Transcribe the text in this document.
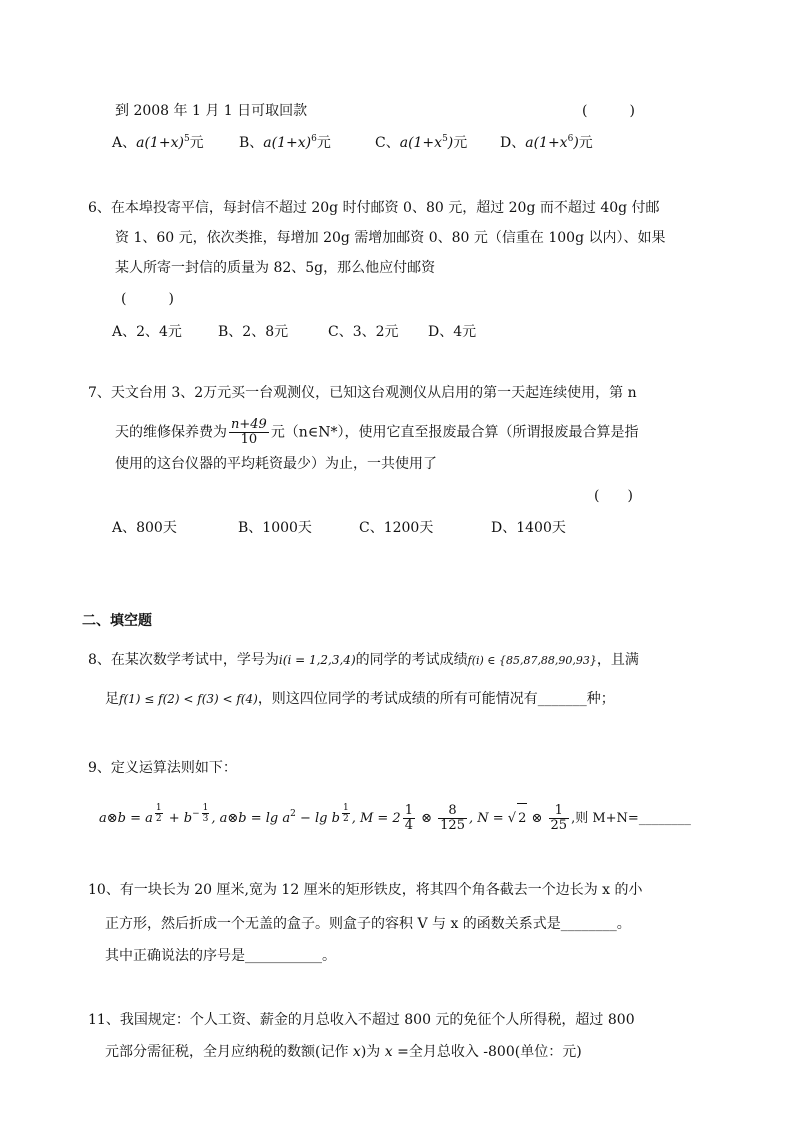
到 2008 年 1 月 1 日可取回款	(　　　)
A、$a(1+x)^5$元	B、$a(1+x)^6$元	C、$a(1+x^5)$元 D、$a(1+x^6)$元
6、在本埠投寄平信，每封信不超过 20g 时付邮资 0、80 元，超过 20g 而不超过 40g 付邮
资 1、60 元，依次类推，每增加 20g 需增加邮资 0、80 元（信重在 100g 以内）、如果
某人所寄一封信的质量为 82、5g，那么他应付邮资
(　　　)
A、2、4元	B、2、8元	C、3、2元 D、4元
7、天文台用 3、2万元买一台观测仪，已知这台观测仪从启用的第一天起连续使用，第 n
天的维修保养费为 $\frac{n+49}{10}$ 元（n∈N*），使用它直至报废最合算（所谓报废最合算是指
使用的这台仪器的平均耗资最少）为止，一共使用了
(　　)
A、800天	B、1000天	C、1200天	D、1400天
二、填空题
8、在某次数学考试中，学号为i(i = 1,2,3,4)的同学的考试成绩f(i) ∈ {85,87,88,90,93}，且满
足f(1) ≤ f(2) < f(3) < f(4)，则这四位同学的考试成绩的所有可能情况有_______种；
9、定义运算法则如下：
a⊗b = a $^{\frac{1}{2}} + b^{- \frac{1}{3}}$ , a⊗b = $\lg a^2 - \lg b$ $^{\frac{1}{2}}$ , $M = 2 \frac{1}{4}$ ⊗ $\frac{8}{125}$ , N = √ 2 ⊗ $\frac{1}{25}$ ,则 M+N=________
10、有一块长为 20 厘米,宽为 12 厘米的矩形铁皮，将其四个角各截去一个边长为 x 的小
正方形，然后折成一个无盖的盒子。则盒子的容积 V 与 x 的函数关系式是________。
其中正确说法的序号是___________。
11、我国规定：个人工资、薪金的月总收入不超过 800 元的免征个人所得税，超过 800
元部分需征税，全月应纳税的数额(记作 x)为 x =全月总收入 -800(单位：元)
